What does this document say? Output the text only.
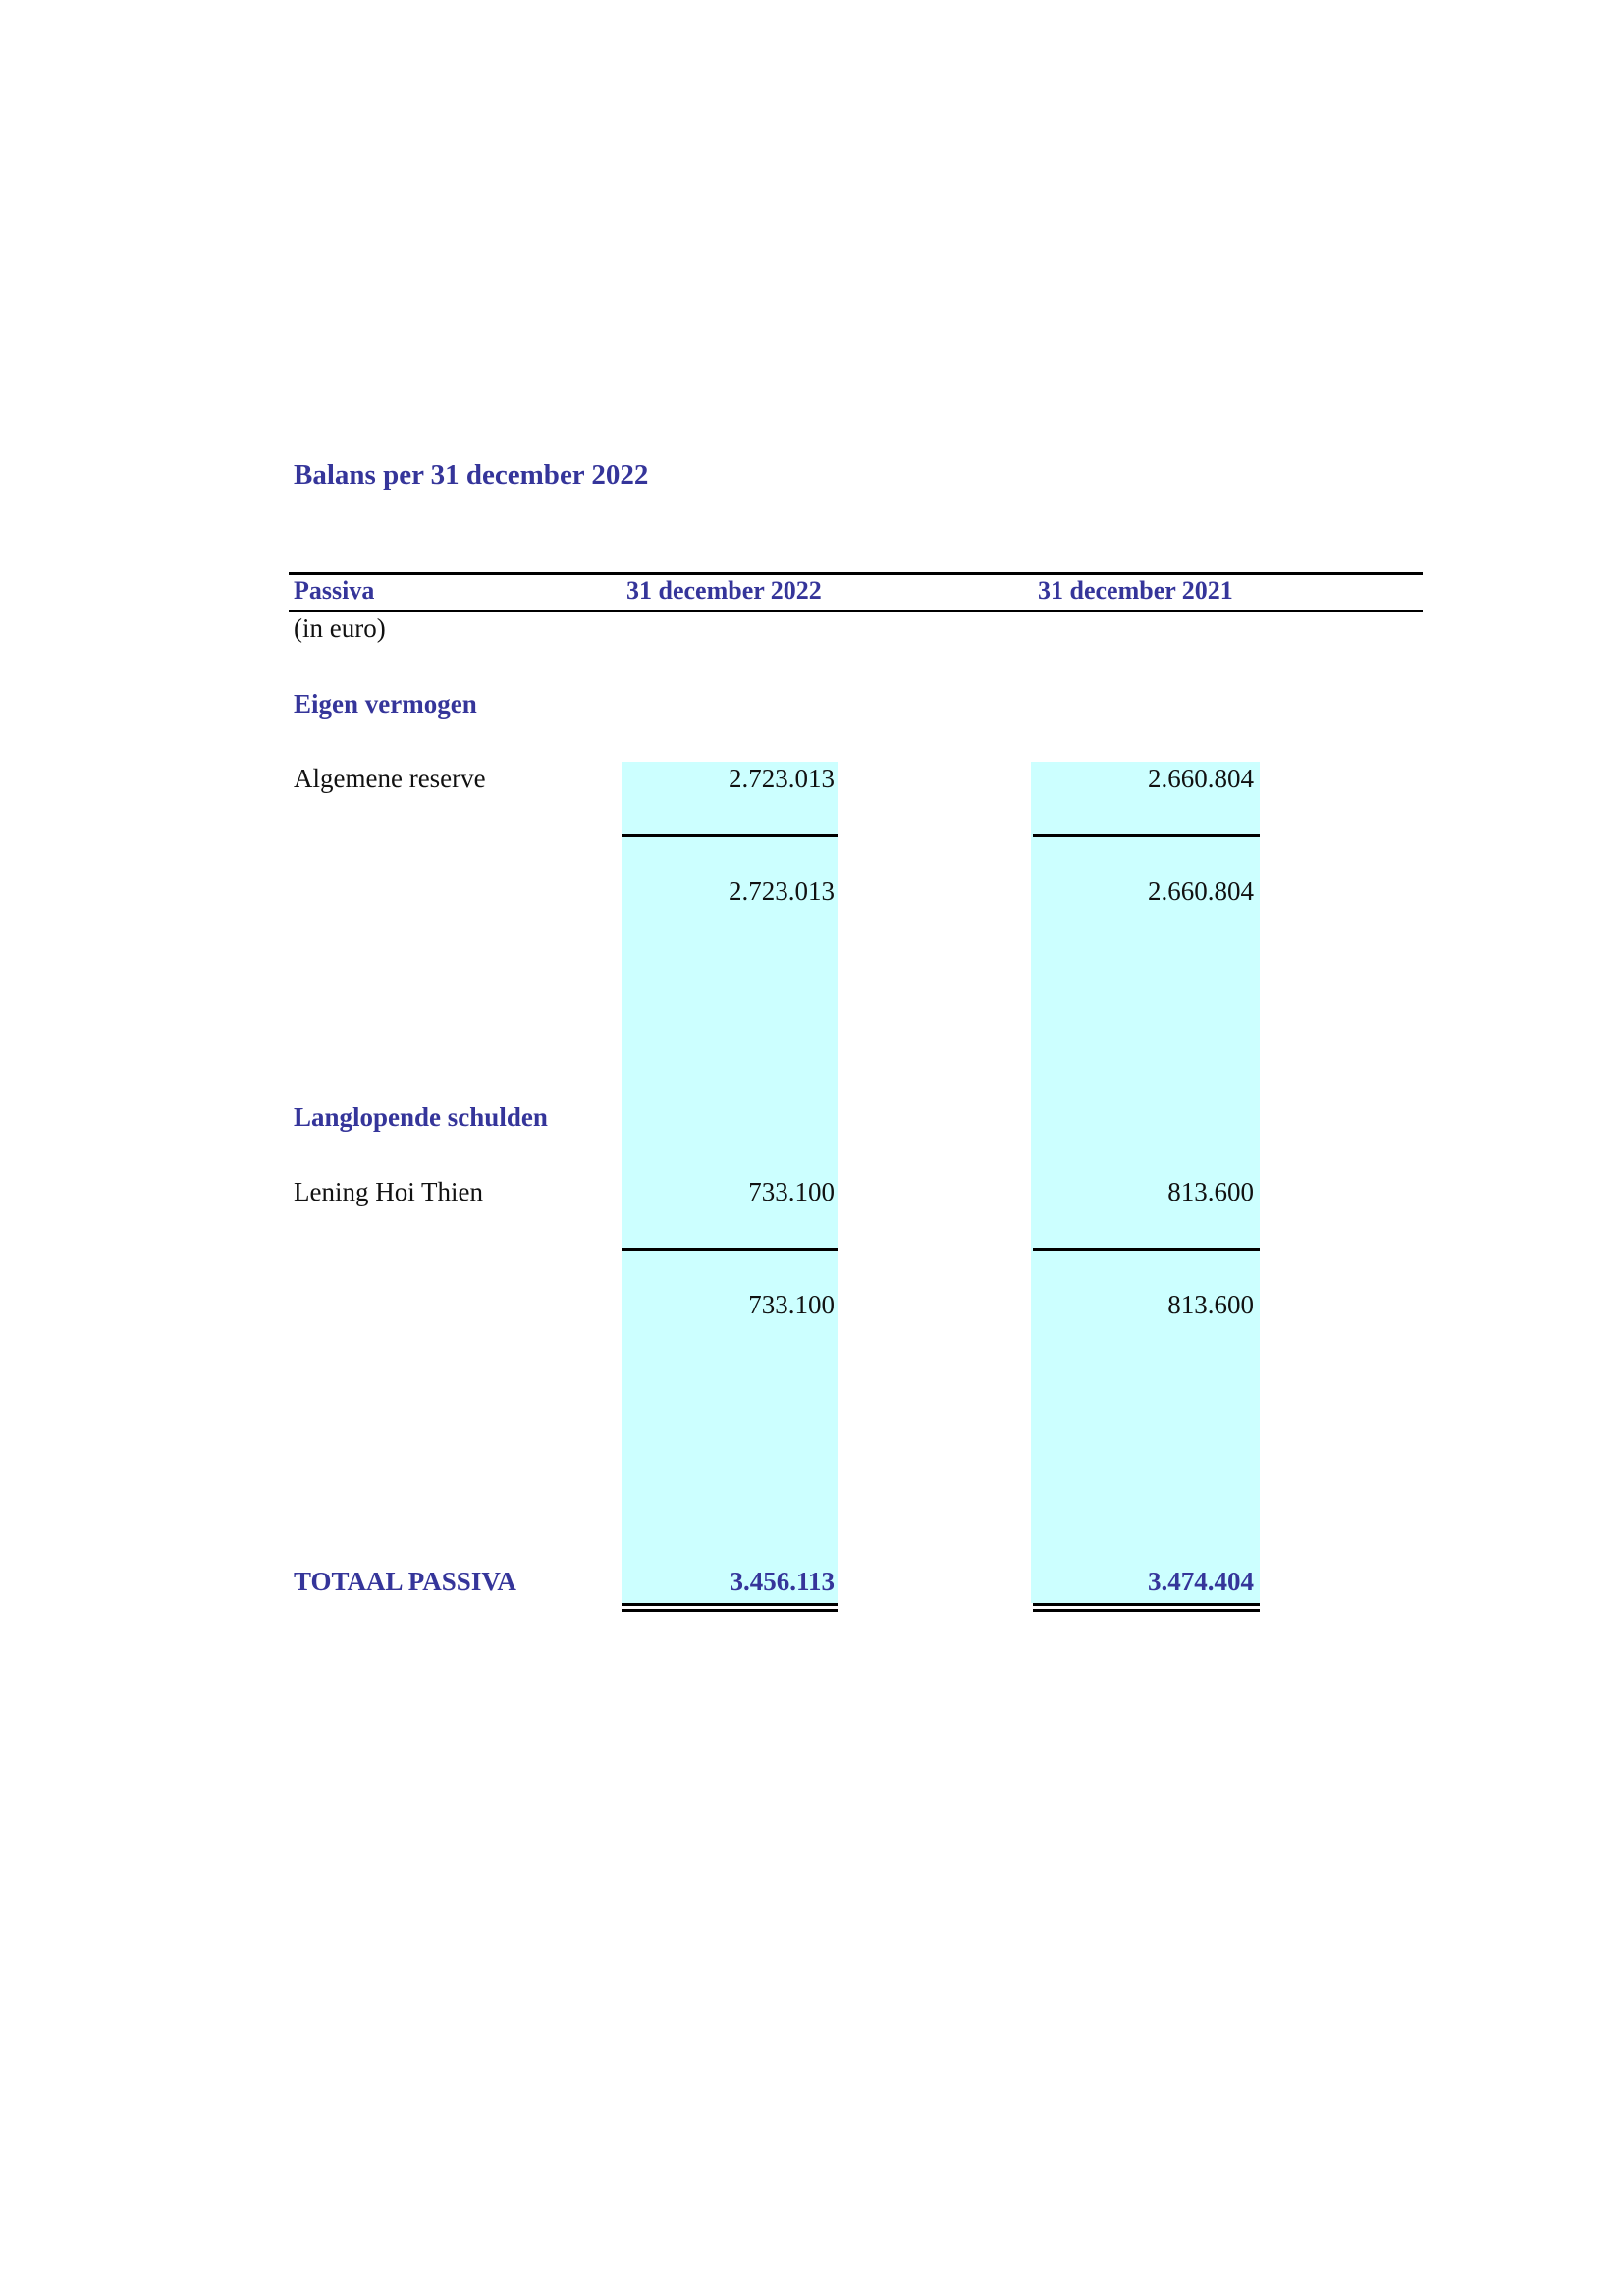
Balans per 31 december 2022
Passiva	31 december 2022	31 december 2021
(in euro)
Eigen vermogen
Algemene reserve	2.723.013	2.660.804
2.723.013	2.660.804
Langlopende schulden
Lening Hoi Thien	733.100	813.600
733.100	813.600
TOTAAL PASSIVA	3.456.113	3.474.404
